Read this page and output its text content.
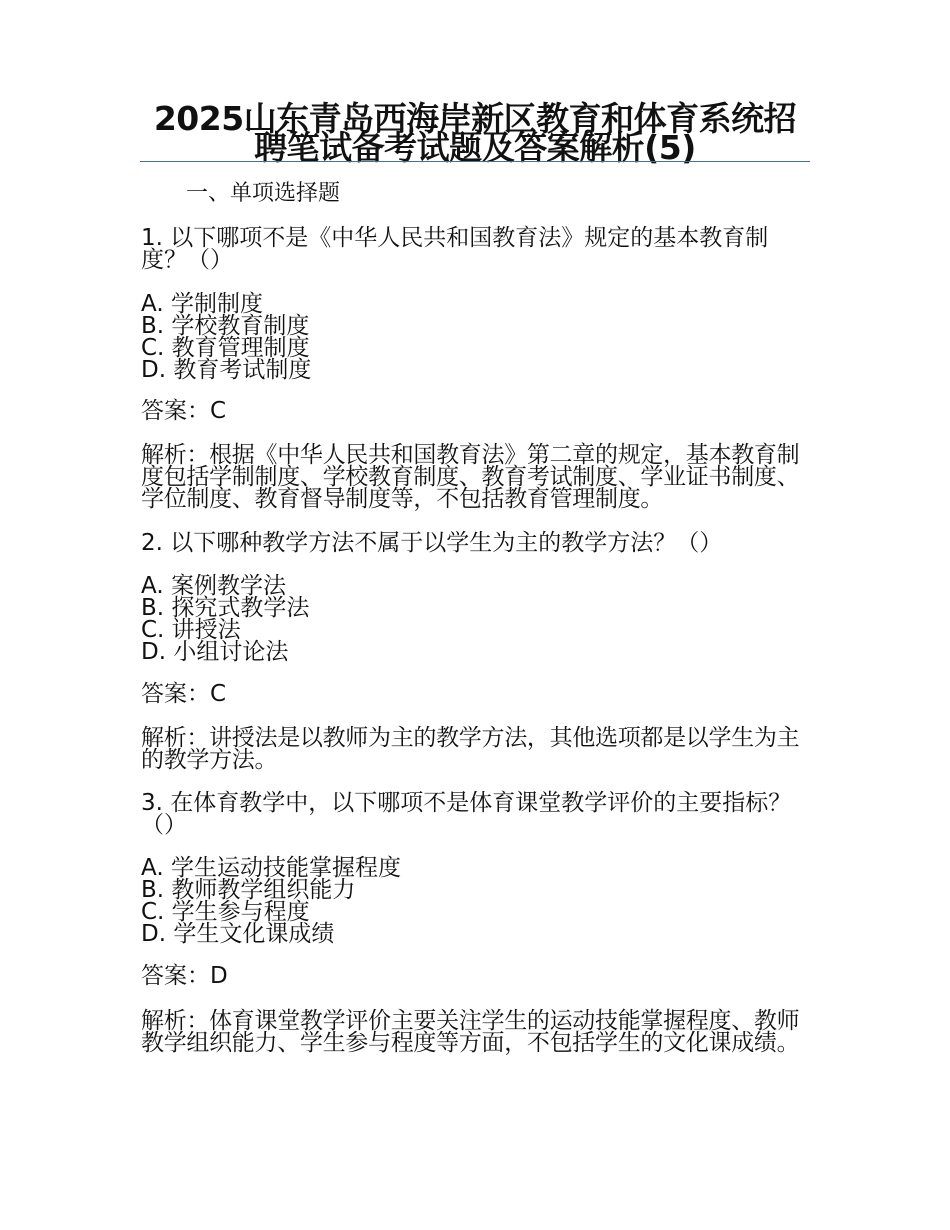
2025山东青岛西海岸新区教育和体育系统招聘笔试备考试题及答案解析(5)
一、单项选择题
1. 以下哪项不是《中华人民共和国教育法》规定的基本教育制度？（）
A. 学制制度
B. 学校教育制度
C. 教育管理制度
D. 教育考试制度
答案：C
解析：根据《中华人民共和国教育法》第二章的规定，基本教育制度包括学制制度、学校教育制度、教育考试制度、学业证书制度、学位制度、教育督导制度等，不包括教育管理制度。
2. 以下哪种教学方法不属于以学生为主的教学方法？（）
A. 案例教学法
B. 探究式教学法
C. 讲授法
D. 小组讨论法
答案：C
解析：讲授法是以教师为主的教学方法，其他选项都是以学生为主的教学方法。
3. 在体育教学中，以下哪项不是体育课堂教学评价的主要指标？（）
A. 学生运动技能掌握程度
B. 教师教学组织能力
C. 学生参与程度
D. 学生文化课成绩
答案：D
解析：体育课堂教学评价主要关注学生的运动技能掌握程度、教师教学组织能力、学生参与程度等方面，不包括学生的文化课成绩。
